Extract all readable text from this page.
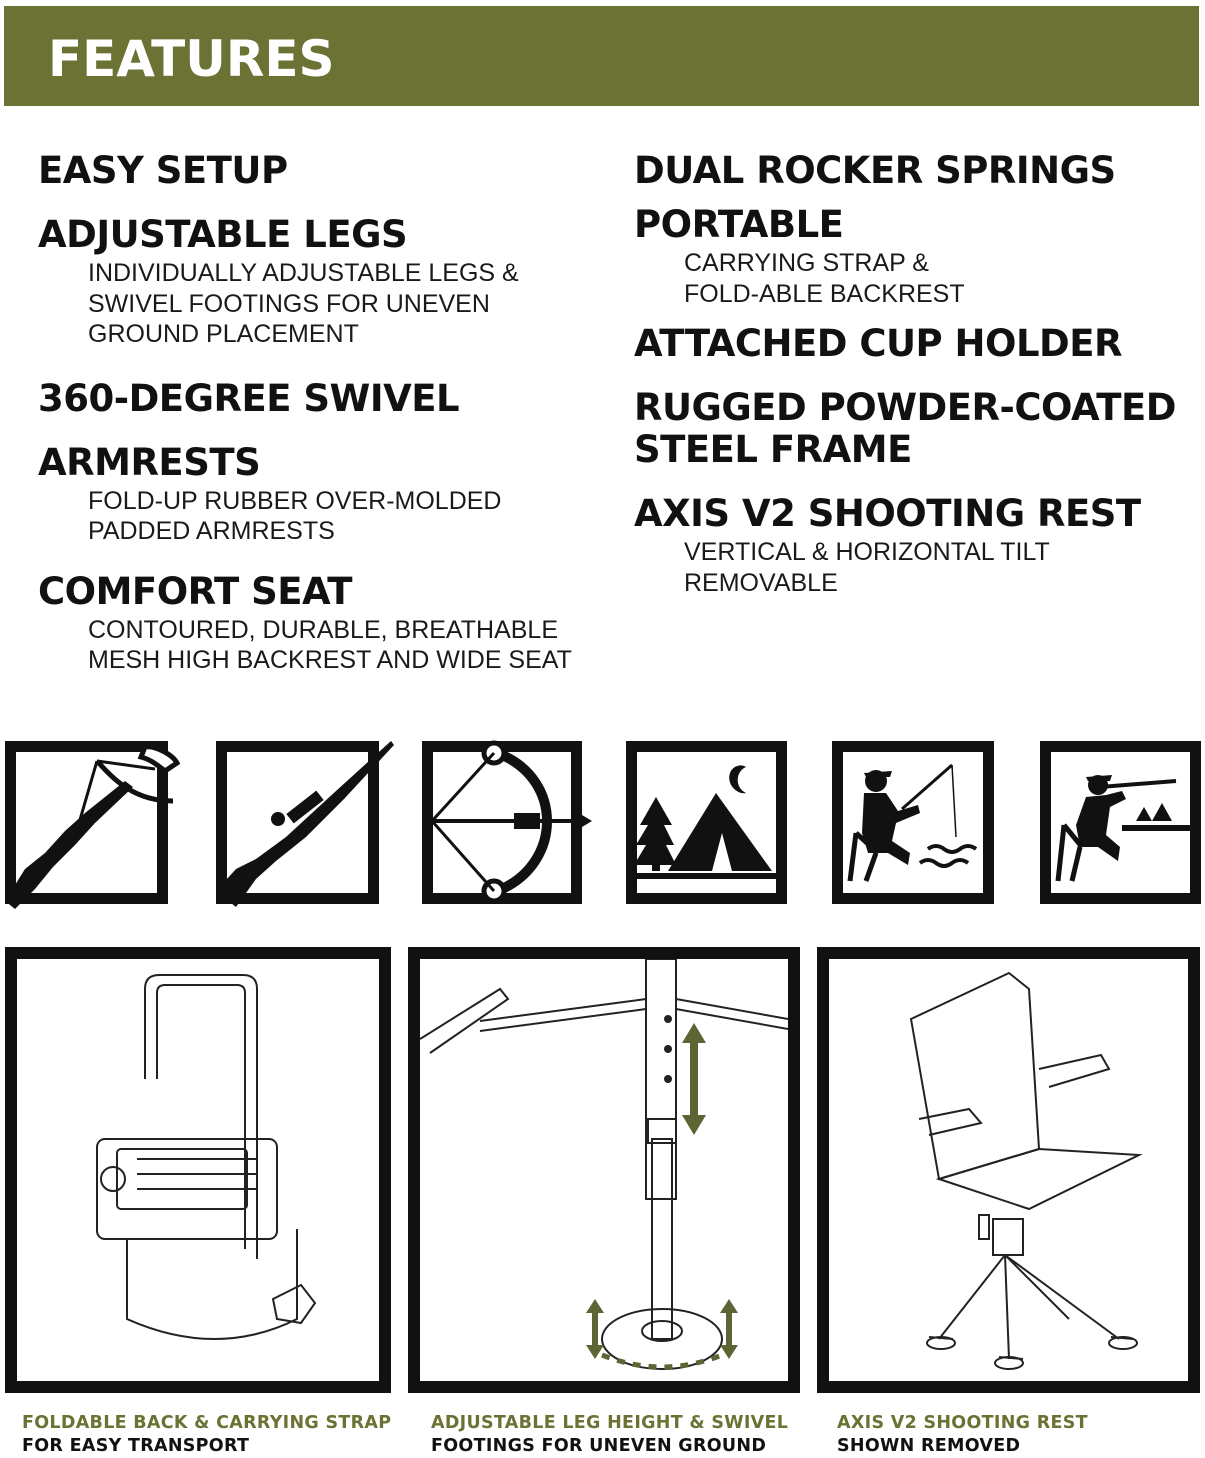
FEATURES
EASY SETUP
ADJUSTABLE LEGS
INDIVIDUALLY ADJUSTABLE LEGS &
SWIVEL FOOTINGS FOR UNEVEN
GROUND PLACEMENT
360-DEGREE SWIVEL
ARMRESTS
FOLD-UP RUBBER OVER-MOLDED
PADDED ARMRESTS
COMFORT SEAT
CONTOURED, DURABLE, BREATHABLE
MESH HIGH BACKREST AND WIDE SEAT
DUAL ROCKER SPRINGS
PORTABLE
CARRYING STRAP &
FOLD-ABLE BACKREST
ATTACHED CUP HOLDER
RUGGED POWDER-COATED
STEEL FRAME
AXIS V2 SHOOTING REST
VERTICAL & HORIZONTAL TILT
REMOVABLE
FOLDABLE BACK & CARRYING STRAP
FOR EASY TRANSPORT
ADJUSTABLE LEG HEIGHT & SWIVEL
FOOTINGS FOR UNEVEN GROUND
AXIS V2 SHOOTING REST
SHOWN REMOVED
